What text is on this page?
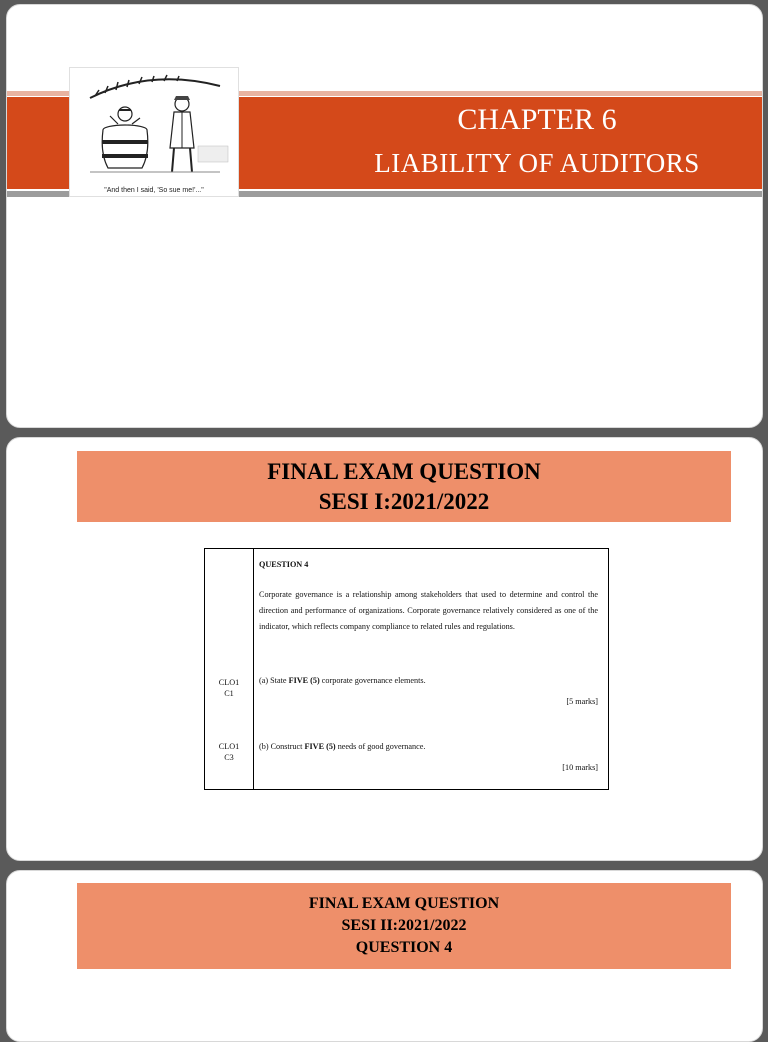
"And then I said, 'So sue me!'..."
CHAPTER 6
LIABILITY OF AUDITORS
FINAL EXAM QUESTION
SESI I:2021/2022
QUESTION 4
Corporate governance is a relationship among stakeholders that used to determine and control the direction and performance of organizations. Corporate governance relatively considered as one of the indicator, which reflects company compliance to related rules and regulations.
CLO1
C1
(a) State FIVE (5) corporate governance elements.
[5 marks]
CLO1
C3
(b) Construct FIVE (5) needs of good governance.
[10 marks]
FINAL EXAM QUESTION
SESI II:2021/2022
QUESTION 4
